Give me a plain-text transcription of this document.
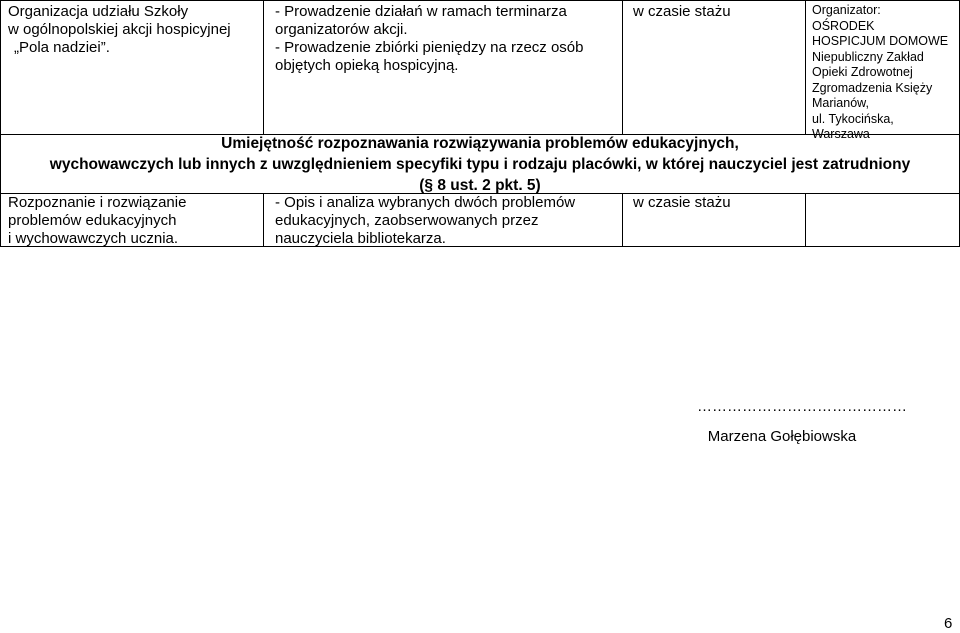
Organizacja udziału Szkoły
w ogólnopolskiej akcji hospicyjnej
„Pola nadziei”.
- Prowadzenie działań w ramach terminarza
organizatorów akcji.
- Prowadzenie zbiórki pieniędzy na rzecz osób
objętych opieką hospicyjną.
w czasie stażu	Organizator:
OŚRODEK
HOSPICJUM DOMOWE
Niepubliczny Zakład
Opieki Zdrowotnej
Zgromadzenia Księży
Marianów,
ul. Tykocińska,
Warszawa
Umiejętność rozpoznawania rozwiązywania problemów edukacyjnych,
wychowawczych lub innych z uwzględnieniem specyfiki typu i rodzaju placówki, w której nauczyciel jest zatrudniony
(§ 8 ust. 2 pkt. 5)
Rozpoznanie i rozwiązanie
problemów edukacyjnych
i wychowawczych ucznia.
- Opis i analiza wybranych dwóch problemów
edukacyjnych, zaobserwowanych przez
nauczyciela bibliotekarza.
w czasie stażu
……………………………………
Marzena Gołębiowska
6
